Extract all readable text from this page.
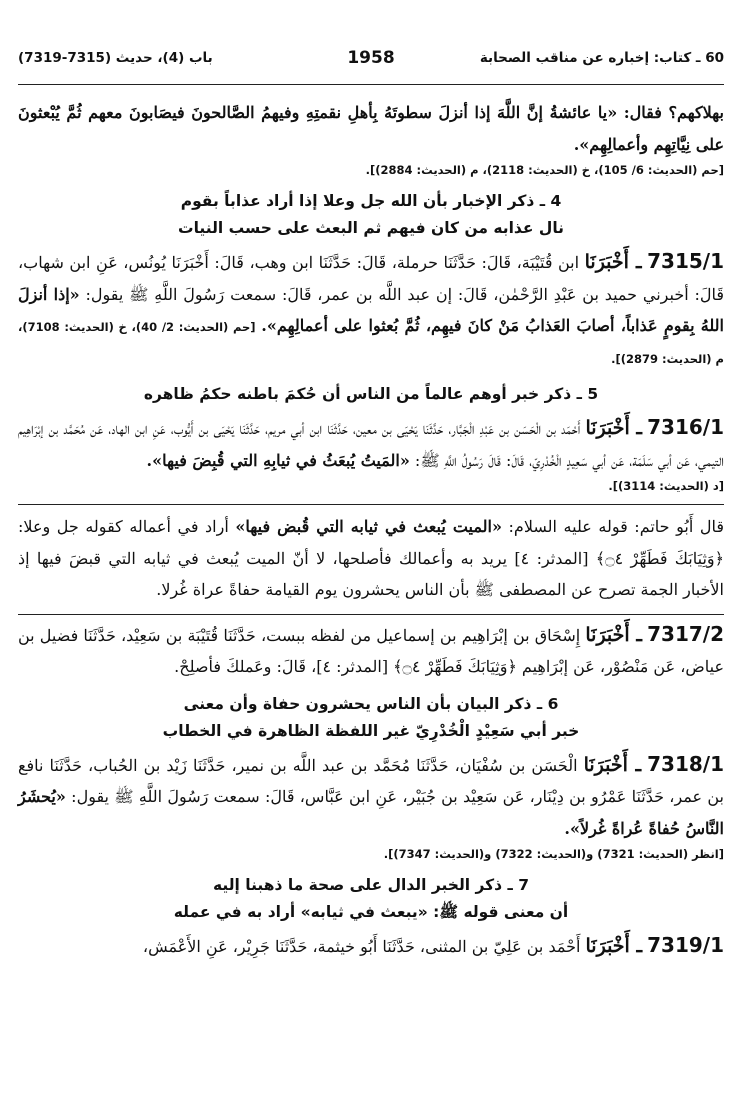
60 ـ كتاب: إخباره عن مناقب الصحابة
1958
باب (4)، حديث (7315-7319)

بهلاكهم؟ فقال: «يا عائشةُ إنَّ اللَّهَ إذا أنزلَ سطوتَهُ بِأهلِ نقمتِهِ وفيهمُ الصَّالحونَ فيصَابونَ معهم ثُمَّ يُبْعثونَ على نِيَّاتِهِم وأعمالِهِم».

[حم (الحديث: 6/ 105)، خ (الحديث: 2118)، م (الحديث: 2884)].

4 ـ ذكر الإخبار بأن الله جل وعلا إذا أراد عذاباً بقوم
نال عذابه من كان فيهم ثم البعث على حسب النيات

7315/1 ـ أَخْبَرَنَا ابن قُتَيْبَة، قَالَ: حَدَّثَنَا حرملة، قَالَ: حَدَّثَنَا ابن وهب، قَالَ: أَخْبَرَنَا يُونُس، عَنِ ابن شهاب، قَالَ: أخبرني حميد بن عَبْدِ الرَّحْمٰن، قَالَ: إن عبد اللَّه بن عمر، قَالَ: سمعت رَسُولَ اللَّهِ ﷺ يقول: «إذا أنزلَ اللهُ بِقومٍ عَذاباً، أصابَ العَذابُ مَنْ كانَ فيهِم، ثُمَّ بُعثوا على أعمالِهِم». [حم (الحديث: 2/ 40)، خ (الحديث: 7108)، م (الحديث: 2879)].

5 ـ ذكر خبر أوهم عالماً من الناس أن حُكمَ باطنه حكمُ ظاهره

7316/1 ـ أَخْبَرَنَا أَحْمَد بن الْحَسَن بن عَبْدِ الْجَبَّار، حَدَّثَنَا يَحْيَى بن معين، حَدَّثَنَا ابن أبي مريم، حَدَّثَنَا يَحْيَى بن أَيُّوب، عَنِ ابن الهاد، عَن مُحَمَّد بن إبْرَاهِيم التيمي، عَن أبي سَلَمَة، عَن أبي سَعِيدٍ الْخُدْرِيّ، قَالَ: قَالَ رَسُولُ اللَّهِ ﷺ: «المَيتُ يُبعَثُ في ثيابِهِ التي قُبِضَ فيها».

[د (الحديث: 3114)].

قال أَبُو حاتم: قوله عليه السلام: «الميت يُبعث في ثيابه التي قُبض فيها» أراد في أعماله كقوله جل وعلا: ﴿وَثِيَابَكَ فَطَهِّرْ ۝٤﴾ [المدثر: ٤] يريد به وأعمالك فأصلحها، لا أنّ الميت يُبعث في ثيابه التي قبضَ فيها إذ الأخبار الجمة تصرح عن المصطفى ﷺ بأن الناس يحشرون يوم القيامة حفاةً عراة غُرلا.

7317/2 ـ أَخْبَرَنَا إِسْحَاق بن إبْرَاهِيم بن إسماعيل من لفظه ببست، حَدَّثَنَا قُتَيْبَة بن سَعِيْد، حَدَّثَنَا فضيل بن عياض، عَن مَنْصُوْر، عَن إبْرَاهِيم ﴿وَثِيَابَكَ فَطَهِّرْ ۝٤﴾ [المدثر: ٤]، قَالَ: وعَملكَ فأصلِحْ.

6 ـ ذكر البيان بأن الناس يحشرون حفاة وأن معنى
خبر أبي سَعِيْدٍ الْخُدْرِيّ غير اللفظة الظاهرة في الخطاب

7318/1 ـ أَخْبَرَنَا الْحَسَن بن سُفْيَان، حَدَّثَنَا مُحَمَّد بن عبد اللَّه بن نمير، حَدَّثَنَا زَيْد بن الحُباب، حَدَّثَنَا نافع بن عمر، حَدَّثَنَا عَمْرُو بن دِيْنَار، عَن سَعِيْد بن جُبَيْر، عَنِ ابن عَبَّاس، قَالَ: سمعت رَسُولَ اللَّهِ ﷺ يقول: «يُحشَرُ النَّاسُ حُفاةً عُراةً غُرلاً».

[انظر (الحديث: 7321) و(الحديث: 7322) و(الحديث: 7347)].

7 ـ ذكر الخبر الدال على صحة ما ذهبنا إليه
أن معنى قوله ﷺ: «يبعث في ثيابه» أراد به في عمله

7319/1 ـ أَخْبَرَنَا أَحْمَد بن عَلِيّ بن المثنى، حَدَّثَنَا أَبُو خيثمة، حَدَّثَنَا جَرِيْر، عَنِ الأَعْمَش،
